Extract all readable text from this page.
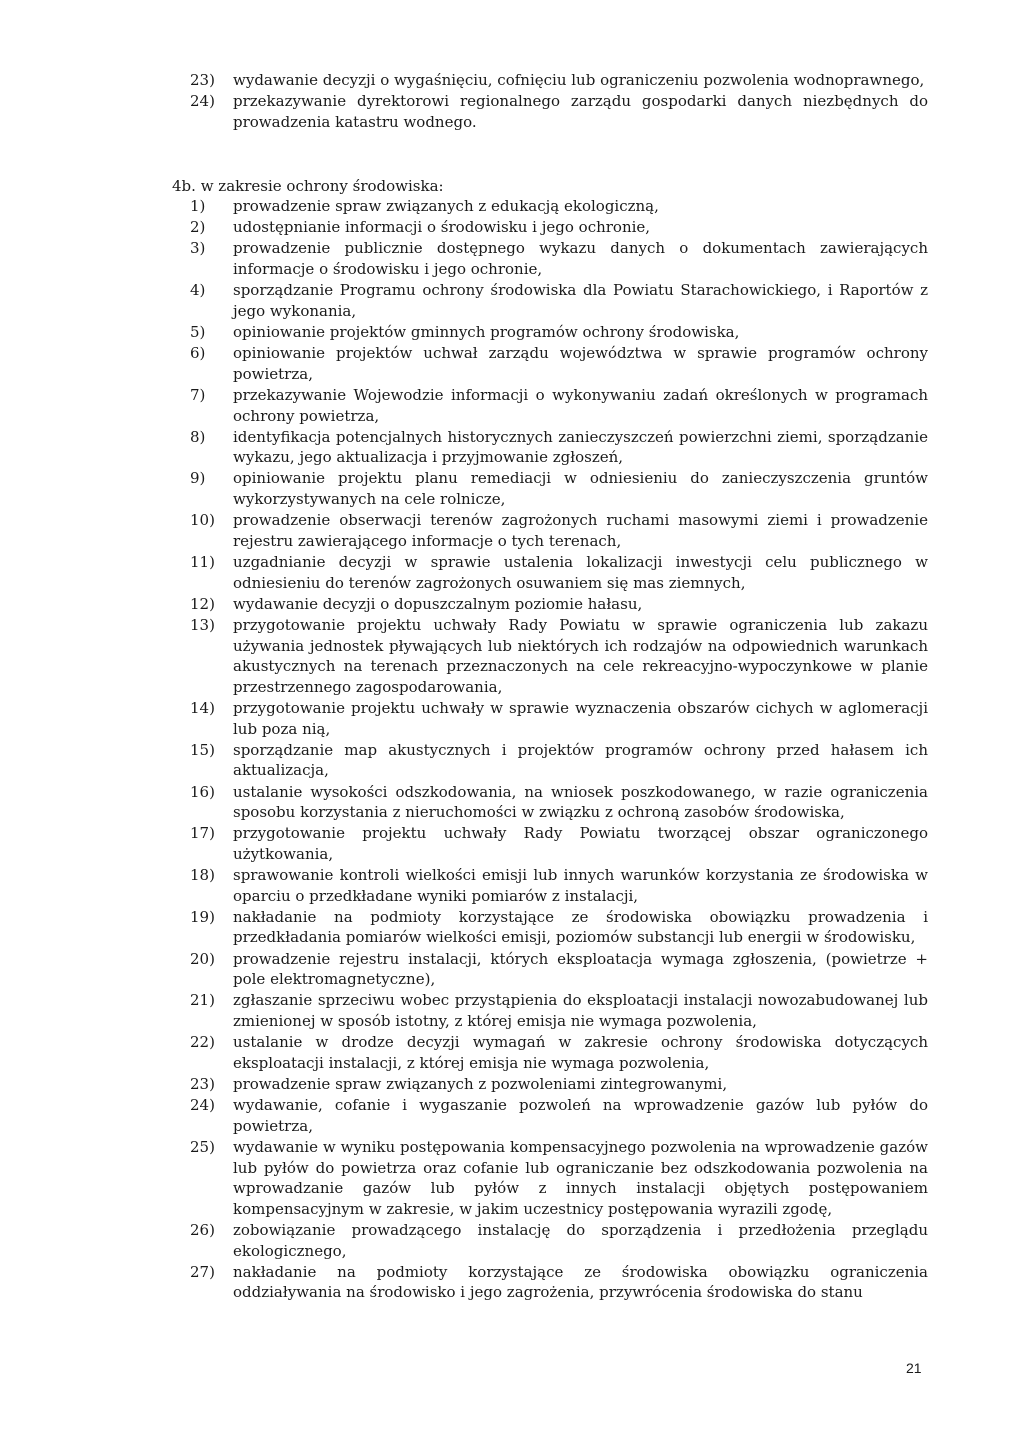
23)	wydawanie decyzji o wygaśnięciu, cofnięciu lub ograniczeniu pozwolenia wodnoprawnego,
24)	przekazywanie dyrektorowi regionalnego zarządu gospodarki danych niezbędnych do prowadzenia katastru wodnego.
4b. w zakresie ochrony środowiska:
1)	prowadzenie spraw związanych z edukacją ekologiczną,
2)	udostępnianie informacji o środowisku i jego ochronie,
3)	prowadzenie publicznie dostępnego wykazu danych o dokumentach zawierających informacje o środowisku i jego ochronie,
4)	sporządzanie Programu ochrony środowiska dla Powiatu Starachowickiego, i Raportów z jego wykonania,
5)	opiniowanie projektów gminnych programów ochrony środowiska,
6)	opiniowanie projektów uchwał zarządu województwa w sprawie programów ochrony powietrza,
7)	przekazywanie Wojewodzie informacji o wykonywaniu zadań określonych w programach ochrony powietrza,
8)	identyfikacja potencjalnych historycznych zanieczyszczeń powierzchni ziemi, sporządzanie wykazu, jego aktualizacja i przyjmowanie zgłoszeń,
9)	opiniowanie projektu planu remediacji w odniesieniu do zanieczyszczenia gruntów wykorzystywanych na cele rolnicze,
10)	prowadzenie obserwacji terenów zagrożonych ruchami masowymi ziemi i prowadzenie rejestru zawierającego informacje o tych terenach,
11)	uzgadnianie decyzji w sprawie ustalenia lokalizacji inwestycji celu publicznego w odniesieniu do terenów zagrożonych osuwaniem się mas ziemnych,
12)	wydawanie decyzji o dopuszczalnym poziomie hałasu,
13)	przygotowanie projektu uchwały Rady Powiatu w sprawie ograniczenia lub zakazu używania jednostek pływających lub niektórych ich rodzajów na odpowiednich warunkach akustycznych na terenach przeznaczonych na cele rekreacyjno-wypoczynkowe w planie przestrzennego zagospodarowania,
14)	przygotowanie projektu uchwały w sprawie wyznaczenia obszarów cichych w aglomeracji lub poza nią,
15)	sporządzanie map akustycznych i projektów programów ochrony przed hałasem ich aktualizacja,
16)	ustalanie wysokości odszkodowania, na wniosek poszkodowanego, w razie ograniczenia sposobu korzystania z nieruchomości w związku z ochroną zasobów środowiska,
17)	przygotowanie projektu uchwały Rady Powiatu tworzącej obszar ograniczonego użytkowania,
18)	sprawowanie kontroli wielkości emisji lub innych warunków korzystania ze środowiska w oparciu o przedkładane wyniki pomiarów z instalacji,
19)	nakładanie na podmioty korzystające ze środowiska obowiązku prowadzenia i przedkładania pomiarów wielkości emisji, poziomów substancji lub energii w środowisku,
20)	prowadzenie rejestru instalacji, których eksploatacja wymaga zgłoszenia, (powietrze + pole elektromagnetyczne),
21)	zgłaszanie sprzeciwu wobec przystąpienia do eksploatacji instalacji nowozabudowanej lub zmienionej w sposób istotny, z której emisja nie wymaga pozwolenia,
22)	ustalanie w drodze decyzji wymagań w zakresie ochrony środowiska dotyczących eksploatacji instalacji, z której emisja nie wymaga pozwolenia,
23)	prowadzenie spraw związanych z pozwoleniami zintegrowanymi,
24)	wydawanie, cofanie i wygaszanie pozwoleń na wprowadzenie gazów lub pyłów do powietrza,
25)	wydawanie w wyniku postępowania kompensacyjnego pozwolenia na wprowadzenie gazów lub pyłów do powietrza oraz cofanie lub ograniczanie bez odszkodowania pozwolenia na wprowadzanie gazów lub pyłów z innych instalacji objętych postępowaniem kompensacyjnym w zakresie, w jakim uczestnicy postępowania wyrazili zgodę,
26)	zobowiązanie prowadzącego instalację do sporządzenia i przedłożenia przeglądu ekologicznego,
27)	nakładanie na podmioty korzystające ze środowiska obowiązku ograniczenia oddziaływania na środowisko i jego zagrożenia, przywrócenia środowiska do stanu
21
